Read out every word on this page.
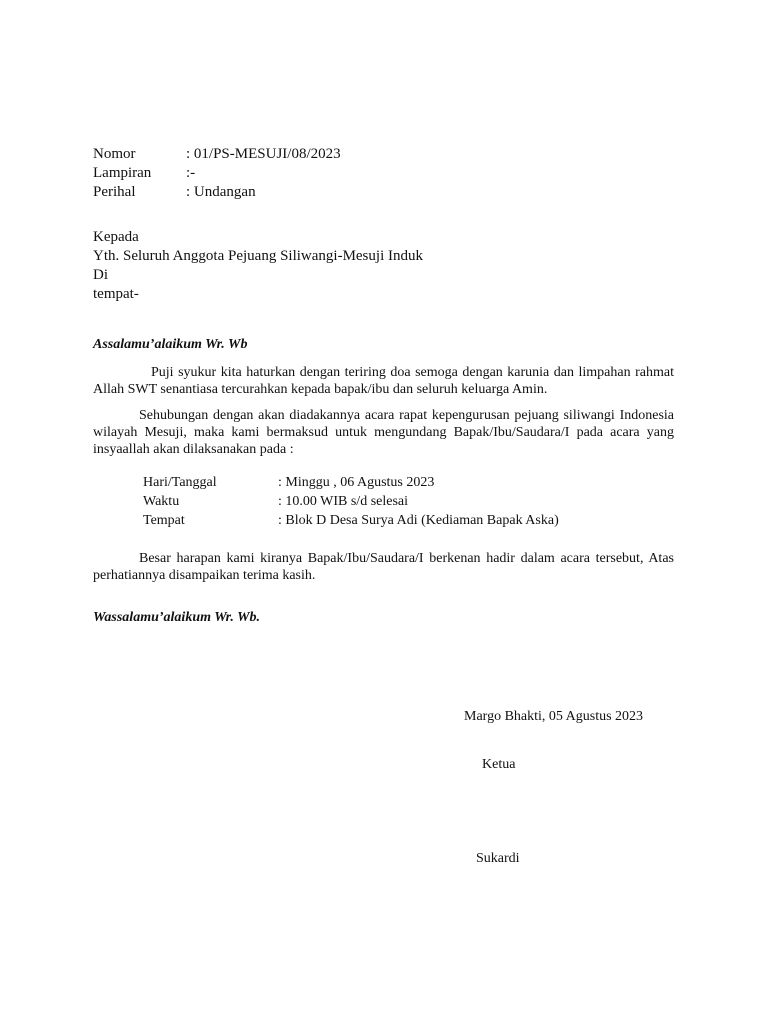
Nomor	: 01/PS-MESUJI/08/2023
Lampiran :-
Perihal	: Undangan
Kepada
Yth. Seluruh Anggota Pejuang Siliwangi-Mesuji Induk
Di
tempat-
Assalamu’alaikum Wr. Wb
Puji syukur kita haturkan dengan teriring doa semoga dengan karunia dan limpahan rahmat Allah SWT senantiasa tercurahkan kepada bapak/ibu dan seluruh keluarga Amin.
Sehubungan dengan akan diadakannya acara rapat kepengurusan pejuang siliwangi Indonesia wilayah Mesuji, maka kami bermaksud untuk mengundang Bapak/Ibu/Saudara/I pada acara yang insyaallah akan dilaksanakan pada :
Hari/Tanggal	: Minggu , 06 Agustus 2023
Waktu	: 10.00 WIB s/d selesai
Tempat	: Blok D Desa Surya Adi (Kediaman Bapak Aska)
Besar harapan kami kiranya Bapak/Ibu/Saudara/I berkenan hadir dalam acara tersebut, Atas perhatiannya disampaikan terima kasih.
Wassalamu’alaikum Wr. Wb.
Margo Bhakti, 05 Agustus 2023
Ketua
Sukardi
